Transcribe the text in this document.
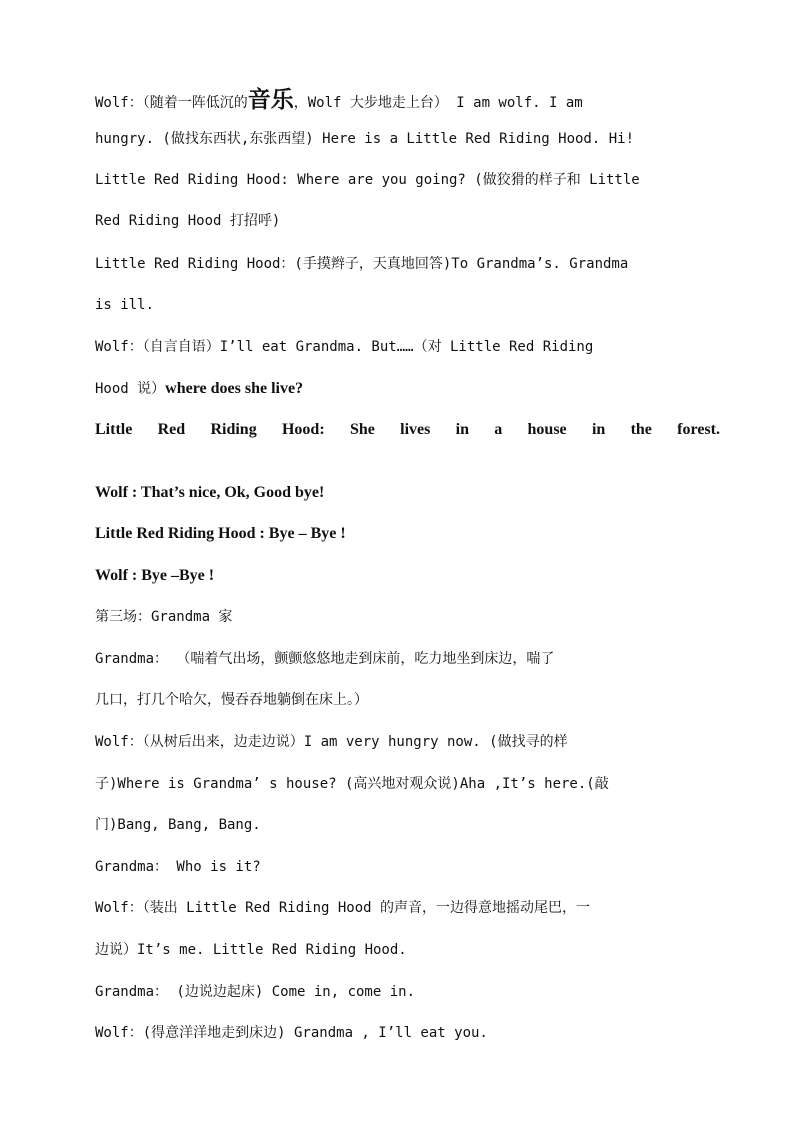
Wolf：（随着一阵低沉的音乐，Wolf 大步地走上台） I am wolf. I am
hungry. (做找东西状,东张西望) Here is a Little Red Riding Hood. Hi!
Little Red Riding Hood: Where are you going? (做狡猾的样子和 Little
Red Riding Hood 打招呼)
Little Red Riding Hood：(手摸辫子，天真地回答)To Grandma’s. Grandma
is ill.
Wolf：（自言自语）I’ll eat Grandma. But……（对 Little Red Riding
Hood 说）where does she live?
Little Red Riding Hood: She lives in a house in the forest.
Wolf : That’s nice, Ok, Good bye!
Little Red Riding Hood : Bye – Bye !
Wolf : Bye –Bye !
第三场：Grandma 家
Grandma： （喘着气出场，颤颤悠悠地走到床前，吃力地坐到床边，喘了
几口，打几个哈欠，慢吞吞地躺倒在床上。）
Wolf：（从树后出来，边走边说）I am very hungry now. (做找寻的样
子)Where is Grandma’ s house? (高兴地对观众说)Aha ,It’s here.(敲
门)Bang, Bang, Bang.
Grandma： Who is it?
Wolf：（装出 Little Red Riding Hood 的声音，一边得意地摇动尾巴，一
边说）It’s me. Little Red Riding Hood.
Grandma： (边说边起床) Come in, come in.
Wolf：(得意洋洋地走到床边) Grandma , I’ll eat you.
